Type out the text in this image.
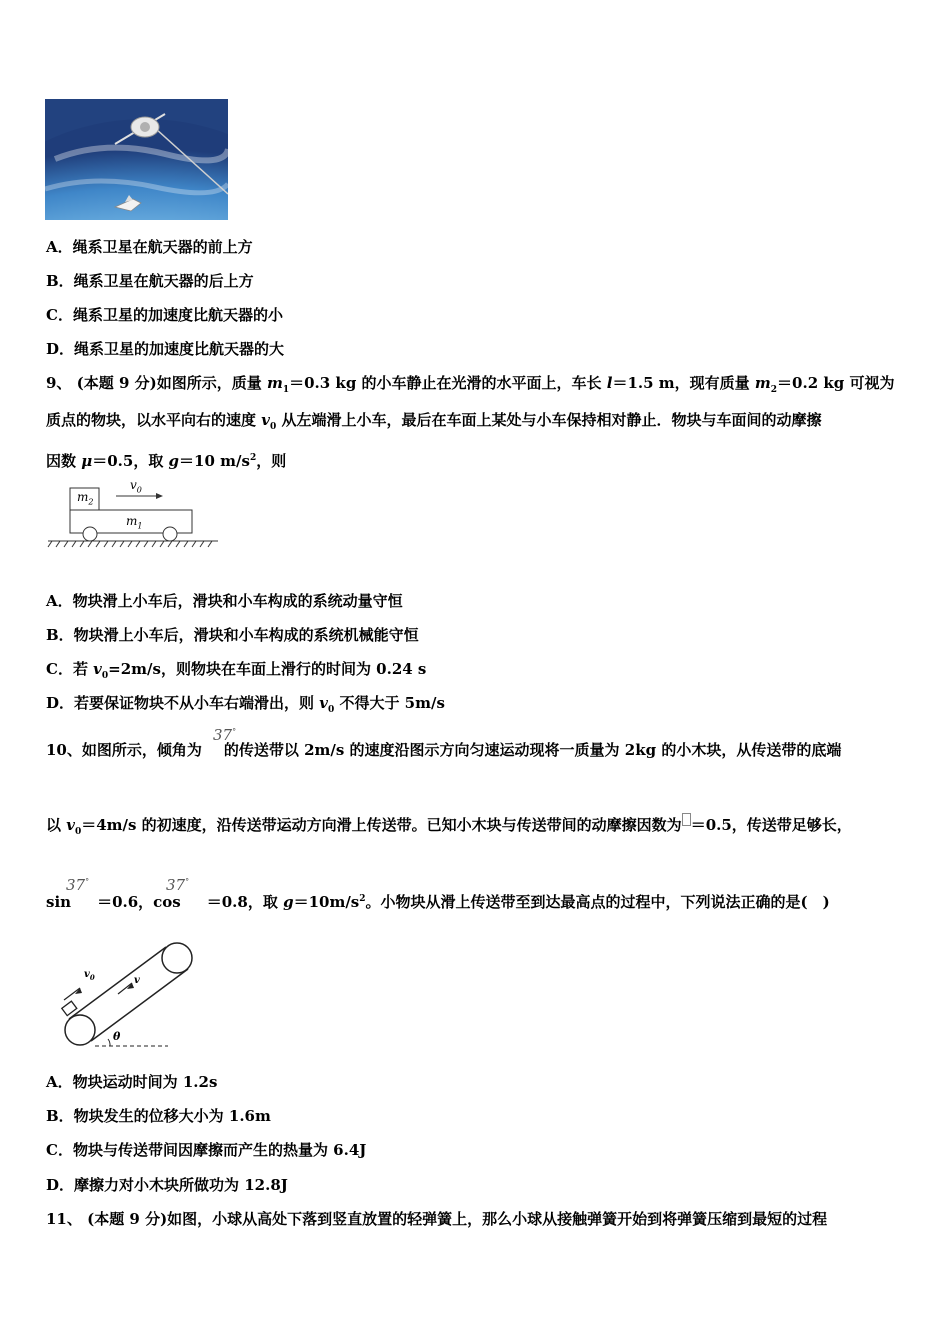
A．绳系卫星在航天器的前上方
B．绳系卫星在航天器的后上方
C．绳系卫星的加速度比航天器的小
D．绳系卫星的加速度比航天器的大
9、 (本题 9 分)如图所示，质量 $m_1=0.3$ kg 的小车静止在光滑的水平面上，车长 l＝1.5 m，现有质量 $m_2=0.2$ kg 可视为
质点的物块，以水平向右的速度 $v_0$ 从左端滑上小车，最后在车面上某处与小车保持相对静止．物块与车面间的动摩擦
因数 μ＝0.5，取 g＝10 $m/s^2$，则
$m_2$
$m_1$
$v_0$
A．物块滑上小车后，滑块和小车构成的系统动量守恒
B．物块滑上小车后，滑块和小车构成的系统机械能守恒
C．若 $v_0=2m/s$，则物块在车面上滑行的时间为 0.24 s
D．若要保证物块不从小车右端滑出，则 $v_0$ 不得大于 5m/s
10、如图所示，倾角为 的传送带以 2m/s 的速度沿图示方向匀速运动现将一质量为 2kg 的小木块，从传送带的底端
37°
以 $v_0=4m/s$ 的初速度，沿传送带运动方向滑上传送带。已知小木块与传送带间的动摩擦因数为 ＝0.5，传送带足够长，
sin ＝0.6，cos ＝0.8，取 $g=10m/s^2$。小物块从滑上传送带至到达最高点的过程中，下列说法正确的是(　)
37°	37°
$v_0$	v
θ
A．物块运动时间为 1.2s
B．物块发生的位移大小为 1.6m
C．物块与传送带间因摩擦而产生的热量为 6.4J
D．摩擦力对小木块所做功为 12.8J
11、 (本题 9 分)如图，小球从高处下落到竖直放置的轻弹簧上，那么小球从接触弹簧开始到将弹簧压缩到最短的过程
